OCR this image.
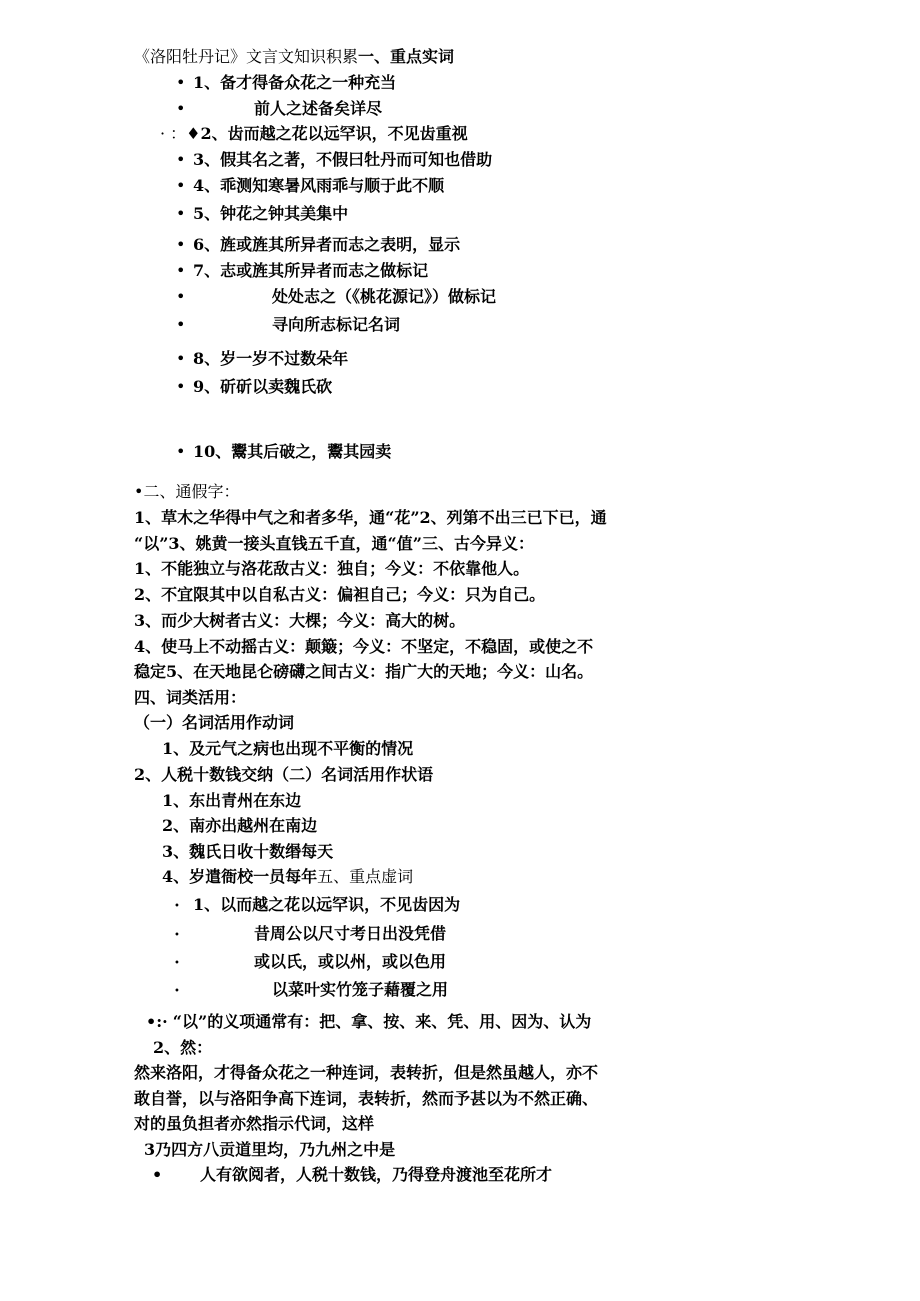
《洛阳牡丹记》文言文知识积累一、重点实词
• 1、备才得备众花之一种充当
•	前人之述备矣详尽
· ：♦2、齿而越之花以远罕识，不见齿重视
• 3、假其名之著，不假曰牡丹而可知也借助
• 4、乖测知寒暑风雨乖与顺于此不顺
• 5、钟花之钟其美集中
• 6、旌或旌其所异者而志之表明，显示
• 7、志或旌其所异者而志之做标记
•	处处志之（《桃花源记》）做标记
•	寻向所志标记名词
• 8、岁一岁不过数朵年
• 9、斫斫以卖魏氏砍
• 10、鬻其后破之，鬻其园卖
•二、通假字：
1、草木之华得中气之和者多华，通“花”2、列第不出三已下已，通
“以”3、姚黄一接头直钱五千直，通“值”三、古今异义：
1、不能独立与洛花敌古义：独自；今义：不依靠他人。
2、不宜限其中以自私古义：偏袒自己；今义：只为自己。
3、而少大树者古义：大棵；今义：高大的树。
4、使马上不动摇古义：颠簸；今义：不坚定，不稳固，或使之不
稳定5、在天地昆仑磅礴之间古义：指广大的天地；今义：山名。
四、词类活用：
（一）名词活用作动词
1、及元气之病也出现不平衡的情况
2、人税十数钱交纳（二）名词活用作状语
1、东出青州在东边
2、南亦出越州在南边
3、魏氏日收十数缗每天
4、岁遣衙校一员每年五、重点虚词
• 1、以而越之花以远罕识，不见齿因为
•	昔周公以尺寸考日出没凭借
•	或以氏，或以州，或以色用
•	以菜叶实竹笼子藉覆之用
•:· “以”的义项通常有：把、拿、按、来、凭、用、因为、认为
2、然：
然来洛阳，才得备众花之一种连词，表转折，但是然虽越人，亦不
敢自誉，以与洛阳争高下连词，表转折，然而予甚以为不然正确、
对的虽负担者亦然指示代词，这样
3乃四方八贡道里均，乃九州之中是
• 人有欲阅者，人税十数钱，乃得登舟渡池至花所才
